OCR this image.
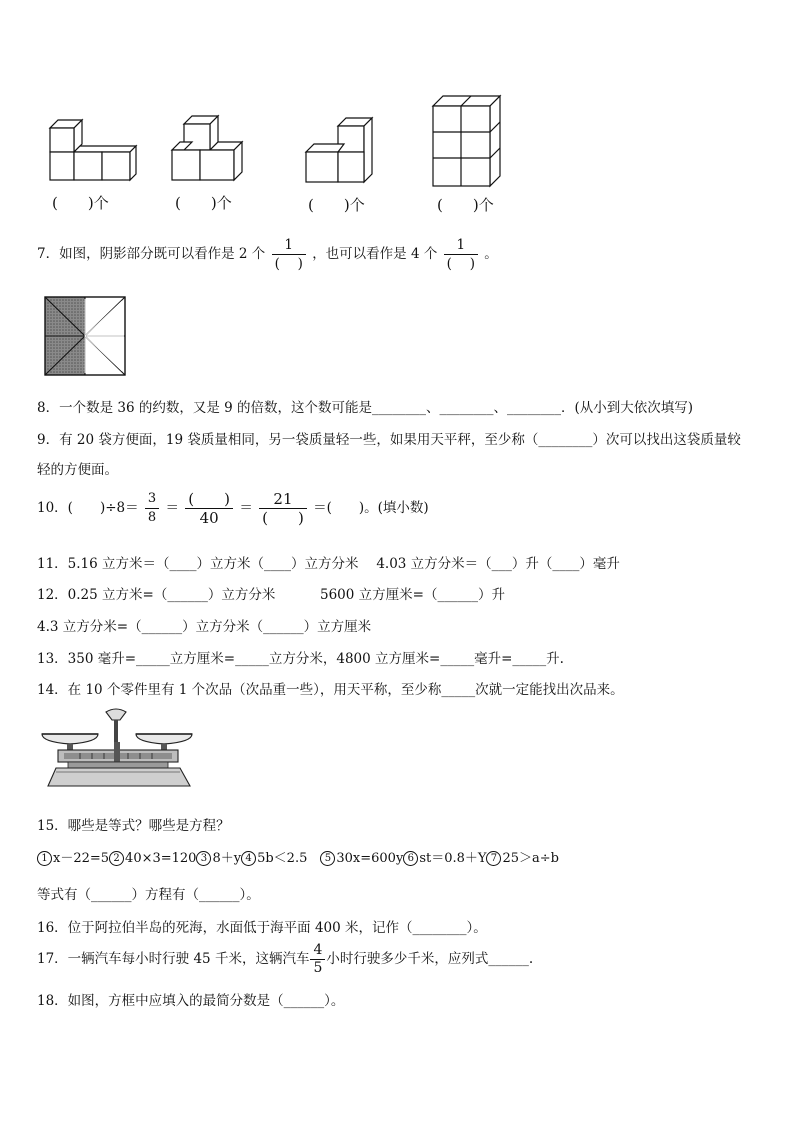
(　　)个	(　　)个	(　　)个	(　　)个
7．如图，阴影部分既可以看作是 2 个 $\frac{1}{( )}$ ，也可以看作是 4 个 $\frac{1}{( )}$ 。
8．一个数是 36 的约数，又是 9 的倍数，这个数可能是________、________、________．(从小到大依次填写)
9．有 20 袋方便面，19 袋质量相同，另一袋质量轻一些，如果用天平秤，至少称（________）次可以找出这袋质量较
轻的方便面。
10．(　　)$\div 8= \frac{3}{8} = \frac{( )}{40} = \frac{21}{( )}$ ＝(　　)。(填小数)
11．5.16 立方米＝（____）立方米（____）立方分米　 4.03 立方分米＝（___）升（____）毫升
12．0.25 立方米=（______）立方分米	5600 立方厘米=（______）升
4.3 立方分米=（______）立方分米（______）立方厘米
13．350 毫升=_____立方厘米=_____立方分米，4800 立方厘米=_____毫升=_____升.
14．在 10 个零件里有 1 个次品（次品重一些），用天平称，至少称_____次就一定能找出次品来。
15．哪些是等式？哪些是方程？
1 x－22=5 2 40×3=120 3 8＋y 4 5b＜2.5　5 30x=600y 6 st＝0.8＋Y 7 25＞a÷b
等式有（______）方程有（______）。
16．位于阿拉伯半岛的死海，水面低于海平面 400 米，记作（________）。
17．一辆汽车每小时行驶 45 千米，这辆汽车 $\frac{4}{5}$ 小时行驶多少千米，应列式______.
18．如图，方框中应填入的最简分数是（______）。
